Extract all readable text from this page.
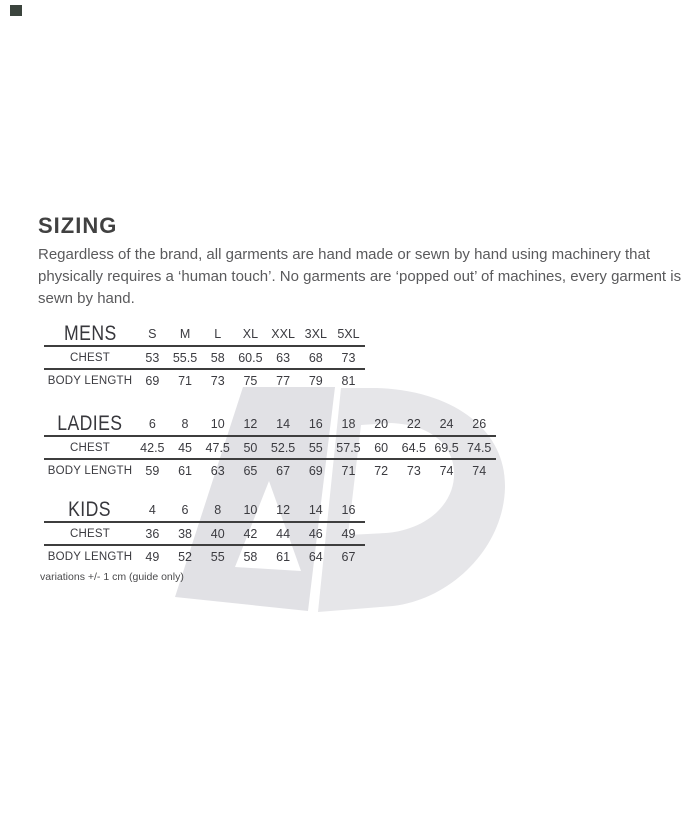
SIZING
Regardless of the brand, all garments are hand made or sewn by hand using machinery that
physically requires a ‘human touch’. No garments are ‘popped out’ of machines, every garment is
sewn by hand.
MENS	S	M	L	XL	XXL 3XL 5XL
CHEST	53	55.5	58	60.5	63	68	73
BODY LENGTH	69	71	73	75	77	79	81
LADIES	6	8	10	12	14	16	18	20	22	24	26
CHEST	42.5	45	47.5	50	52.5	55	57.5	60	64.5 69.5 74.5
BODY LENGTH	59	61	63	65	67	69	71	72	73	74	74
KIDS	4	6	8	10	12	14	16
CHEST	36	38	40	42	44	46	49
BODY LENGTH	49	52	55	58	61	64	67
variations +/- 1 cm (guide only)
